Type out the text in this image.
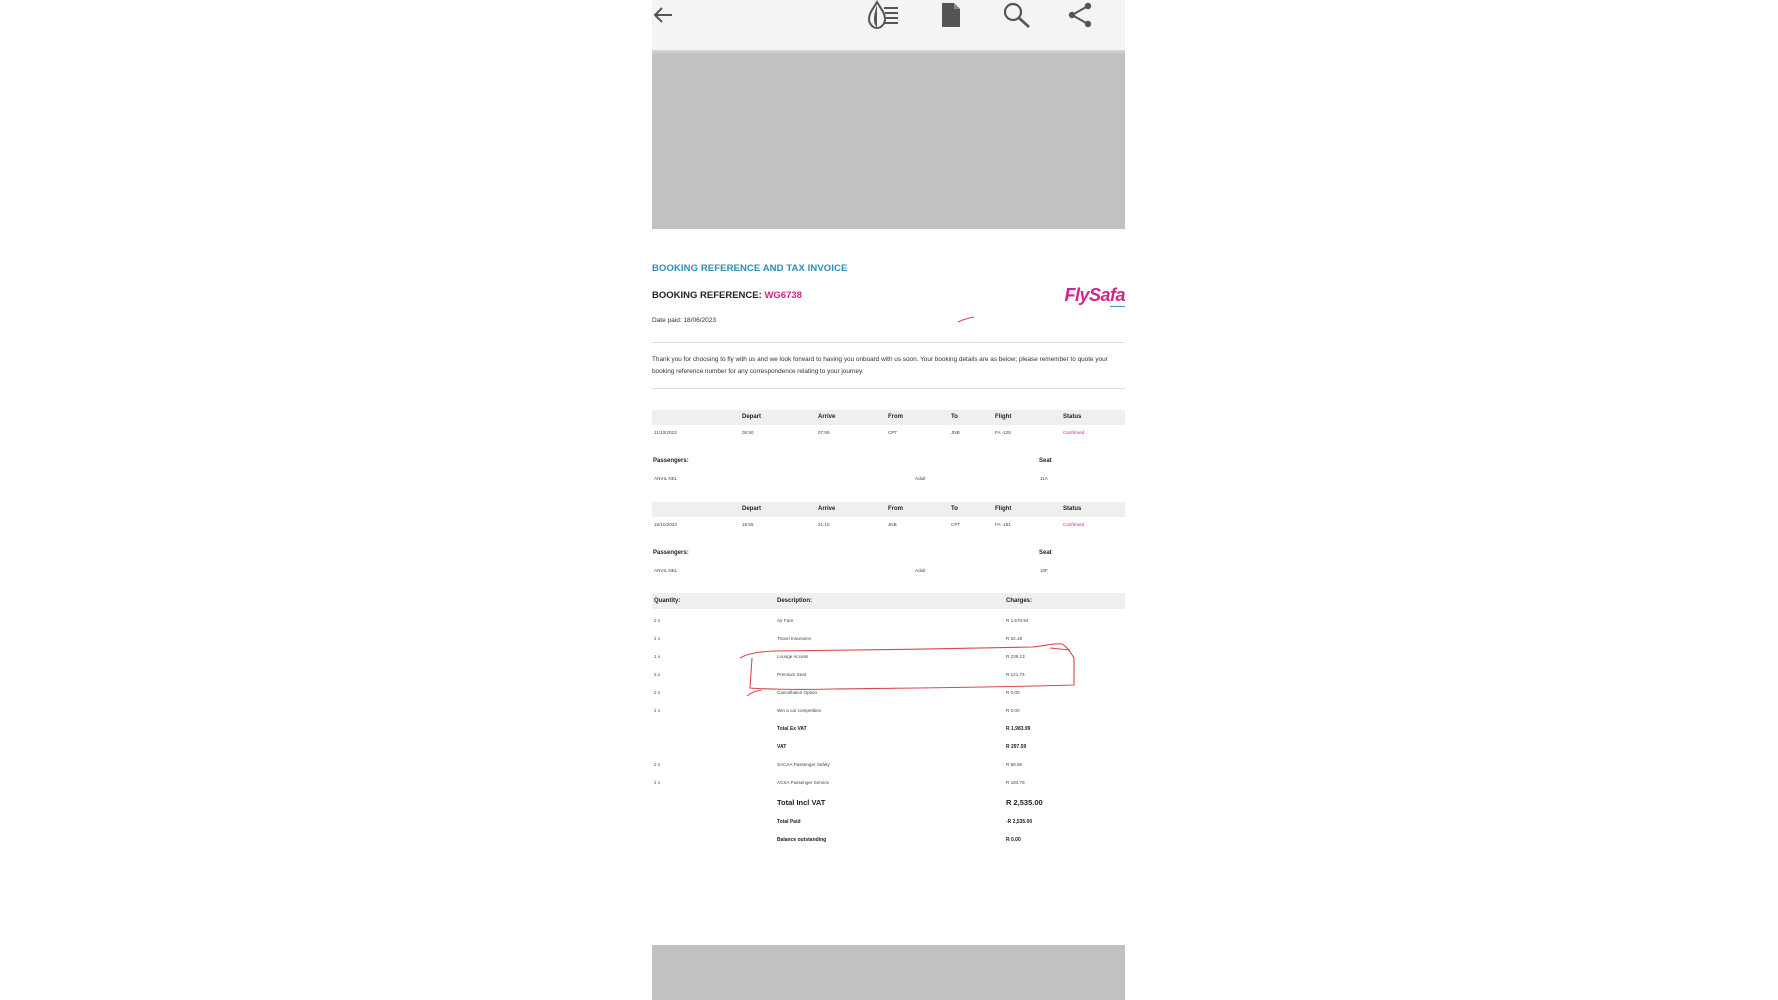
BOOKING REFERENCE AND TAX INVOICE
BOOKING REFERENCE: WG6738	FlySafa
▬▬▬▬▬
Date paid: 18/06/2023
Thank you for choosing to fly with us and we look forward to having you onboard with us soon. Your booking details are as below; please remember to quote your booking reference number for any correspondence relating to your journey.
Depart	Arrive	From	To	Flight	Status
11/10/2023	05:50	07:55	CPT	JNB	FA -128	Confirmed
Passengers:	Seat
ANVIL NEL	Adult	11A
Depart	Arrive	From	To	Flight	Status
16/10/2023	18:55	21:10	JNB	CPT	FA -151	Confirmed
Passengers:	Seat
ANVIL NEL	Adult	10F
Quantity:	Description:	Charges:
2 x	Air Fare	R 1,570.94
2 x	Travel Insurance	R 52.18
1 x	Lounge Access	R 239.13
2 x	Premium Seat	R 121.74
2 x	Cancellation Option	R 0.00
2 x	Win a car competition	R 0.00
Total Ex VAT	R 1,983.99
VAT	R 297.59
2 x	SACAA Passenger Safety	R 58.66
2 x	ACSA Passenger Service	R 194.76
Total Incl VAT	R 2,535.00
Total Paid	-R 2,535.00
Balance outstanding	R 0.00
